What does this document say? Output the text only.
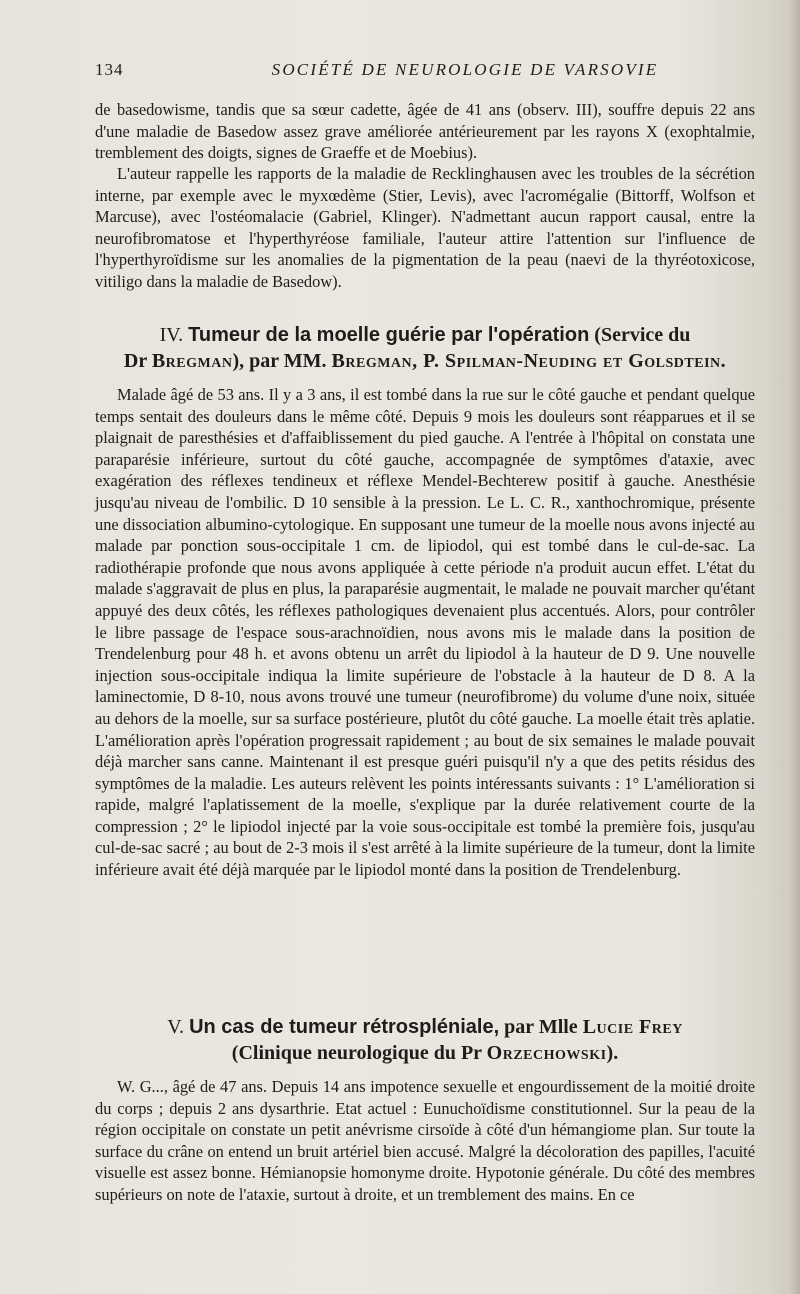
134	SOCIÉTÉ DE NEUROLOGIE DE VARSOVIE

de basedowisme, tandis que sa sœur cadette, âgée de 41 ans (observ. III), souffre depuis 22 ans d'une maladie de Basedow assez grave améliorée antérieurement par les rayons X (exophtalmie, tremblement des doigts, signes de Graeffe et de Moebius).

L'auteur rappelle les rapports de la maladie de Recklinghausen avec les troubles de la sécrétion interne, par exemple avec le myxœdème (Stier, Levis), avec l'acromégalie (Bittorff, Wolfson et Marcuse), avec l'ostéomalacie (Gabriel, Klinger). N'admettant aucun rapport causal, entre la neurofibromatose et l'hyperthyréose familiale, l'auteur attire l'attention sur l'influence de l'hyperthyroïdisme sur les anomalies de la pigmentation de la peau (naevi de la thyréotoxicose, vitiligo dans la maladie de Basedow).

IV. Tumeur de la moelle guérie par l'opération (Service du
Dr Bregman), par MM. Bregman, P. Spilman-Neuding et Golsdtein.

Malade âgé de 53 ans. Il y a 3 ans, il est tombé dans la rue sur le côté gauche et pendant quelque temps sentait des douleurs dans le même côté. Depuis 9 mois les douleurs sont réapparues et il se plaignait de paresthésies et d'affaiblissement du pied gauche. A l'entrée à l'hôpital on constata une paraparésie inférieure, surtout du côté gauche, accompagnée de symptômes d'ataxie, avec exagération des réflexes tendineux et réflexe Mendel-Bechterew positif à gauche. Anesthésie jusqu'au niveau de l'ombilic. D 10 sensible à la pression. Le L. C. R., xanthochromique, présente une dissociation albumino-cytologique. En supposant une tumeur de la moelle nous avons injecté au malade par ponction sous-occipitale 1 cm. de lipiodol, qui est tombé dans le cul-de-sac. La radiothérapie profonde que nous avons appliquée à cette période n'a produit aucun effet. L'état du malade s'aggravait de plus en plus, la paraparésie augmentait, le malade ne pouvait marcher qu'étant appuyé des deux côtés, les réflexes pathologiques devenaient plus accentués. Alors, pour contrôler le libre passage de l'espace sous-arachnoïdien, nous avons mis le malade dans la position de Trendelenburg pour 48 h. et avons obtenu un arrêt du lipiodol à la hauteur de D 9. Une nouvelle injection sous-occipitale indiqua la limite supérieure de l'obstacle à la hauteur de D 8. A la laminectomie, D 8-10, nous avons trouvé une tumeur (neurofibrome) du volume d'une noix, située au dehors de la moelle, sur sa surface postérieure, plutôt du côté gauche. La moelle était très aplatie. L'amélioration après l'opération progressait rapidement ; au bout de six semaines le malade pouvait déjà marcher sans canne. Maintenant il est presque guéri puisqu'il n'y a que des petits résidus des symptômes de la maladie. Les auteurs relèvent les points intéressants suivants : 1° L'amélioration si rapide, malgré l'aplatissement de la moelle, s'explique par la durée relativement courte de la compression ; 2° le lipiodol injecté par la voie sous-occipitale est tombé la première fois, jusqu'au cul-de-sac sacré ; au bout de 2-3 mois il s'est arrêté à la limite supérieure de la tumeur, dont la limite inférieure avait été déjà marquée par le lipiodol monté dans la position de Trendelenburg.

V. Un cas de tumeur rétrospléniale, par Mlle Lucie Frey
(Clinique neurologique du Pr Orzechowski).

W. G..., âgé de 47 ans. Depuis 14 ans impotence sexuelle et engourdissement de la moitié droite du corps ; depuis 2 ans dysarthrie. Etat actuel : Eunuchoïdisme constitutionnel. Sur la peau de la région occipitale on constate un petit anévrisme cirsoïde à côté d'un hémangiome plan. Sur toute la surface du crâne on entend un bruit artériel bien accusé. Malgré la décoloration des papilles, l'acuité visuelle est assez bonne. Hémianopsie homonyme droite. Hypotonie générale. Du côté des membres supérieurs on note de l'ataxie, surtout à droite, et un tremblement des mains. En ce
